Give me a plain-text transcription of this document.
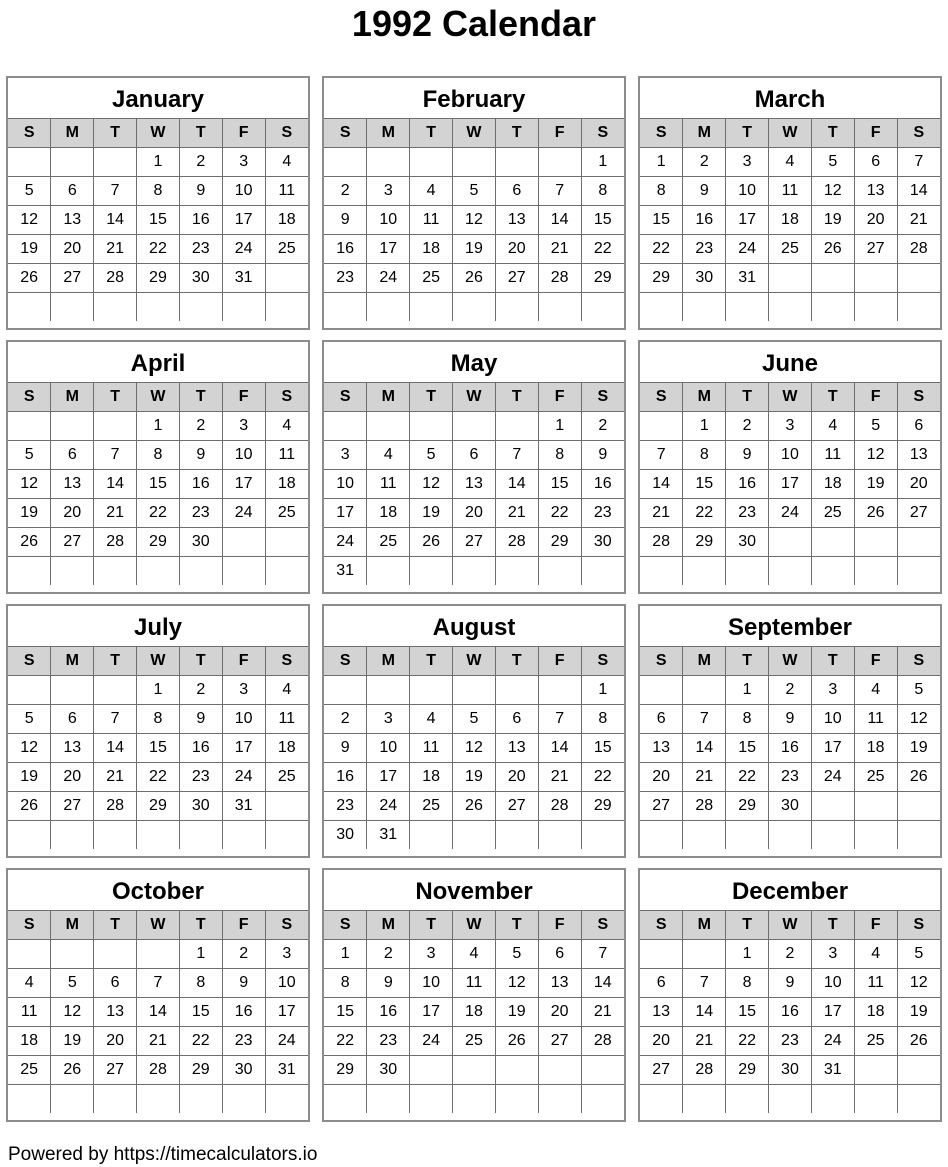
1992 Calendar
January
S	M	T	W	T	F	S
			1	2	3	4
5	6	7	8	9	10	11
12	13	14	15	16	17	18
19	20	21	22	23	24	25
26	27	28	29	30	31	

February
S	M	T	W	T	F	S
						1
2	3	4	5	6	7	8
9	10	11	12	13	14	15
16	17	18	19	20	21	22
23	24	25	26	27	28	29

March
S	M	T	W	T	F	S
1	2	3	4	5	6	7
8	9	10	11	12	13	14
15	16	17	18	19	20	21
22	23	24	25	26	27	28
29	30	31				

April
S	M	T	W	T	F	S
			1	2	3	4
5	6	7	8	9	10	11
12	13	14	15	16	17	18
19	20	21	22	23	24	25
26	27	28	29	30		

May
S	M	T	W	T	F	S
					1	2
3	4	5	6	7	8	9
10	11	12	13	14	15	16
17	18	19	20	21	22	23
24	25	26	27	28	29	30
31						
June
S	M	T	W	T	F	S
	1	2	3	4	5	6
7	8	9	10	11	12	13
14	15	16	17	18	19	20
21	22	23	24	25	26	27
28	29	30				

July
S	M	T	W	T	F	S
			1	2	3	4
5	6	7	8	9	10	11
12	13	14	15	16	17	18
19	20	21	22	23	24	25
26	27	28	29	30	31	

August
S	M	T	W	T	F	S
						1
2	3	4	5	6	7	8
9	10	11	12	13	14	15
16	17	18	19	20	21	22
23	24	25	26	27	28	29
30	31					
September
S	M	T	W	T	F	S
		1	2	3	4	5
6	7	8	9	10	11	12
13	14	15	16	17	18	19
20	21	22	23	24	25	26
27	28	29	30			

October
S	M	T	W	T	F	S
				1	2	3
4	5	6	7	8	9	10
11	12	13	14	15	16	17
18	19	20	21	22	23	24
25	26	27	28	29	30	31

November
S	M	T	W	T	F	S
1	2	3	4	5	6	7
8	9	10	11	12	13	14
15	16	17	18	19	20	21
22	23	24	25	26	27	28
29	30					

December
S	M	T	W	T	F	S
		1	2	3	4	5
6	7	8	9	10	11	12
13	14	15	16	17	18	19
20	21	22	23	24	25	26
27	28	29	30	31		

Powered by https://timecalculators.io
